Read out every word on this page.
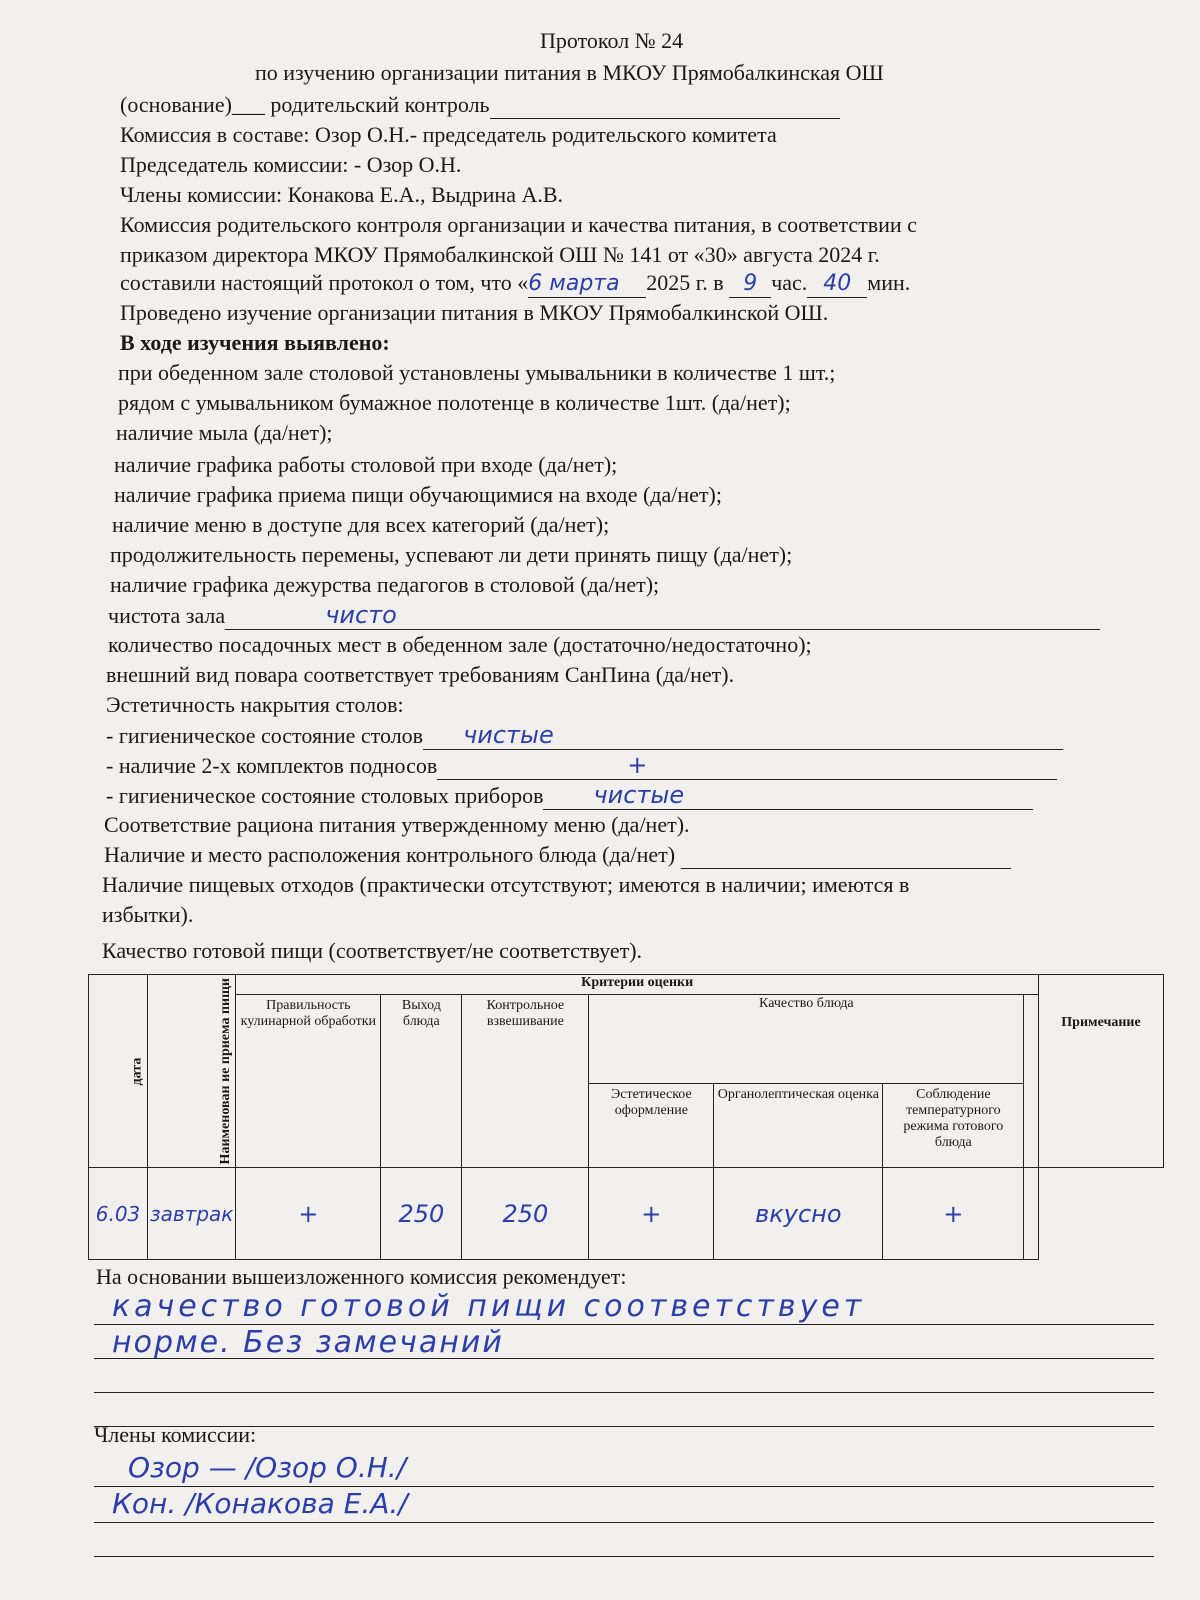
Протокол № 24
по изучению организации питания в МКОУ Прямобалкинская ОШ
(основание)___ родительский контроль
Комиссия в составе: Озор О.Н.- председатель родительского комитета
Председатель комиссии: - Озор О.Н.
Члены комиссии: Конакова Е.А., Выдрина А.В.
Комиссия родительского контроля организации и качества питания, в соответствии с
приказом директора МКОУ Прямобалкинской ОШ № 141 от «30» августа 2024 г.
составили настоящий протокол о том, что «6 марта 2025 г. в 9 час. 40 мин.
Проведено изучение организации питания в МКОУ Прямобалкинской ОШ.
В ходе изучения выявлено:
при обеденном зале столовой установлены умывальники в количестве 1 шт.;
рядом с умывальником бумажное полотенце в количестве 1шт. (да/нет);
наличие мыла (да/нет);
наличие графика работы столовой при входе (да/нет);
наличие графика приема пищи обучающимися на входе (да/нет);
наличие меню в доступе для всех категорий (да/нет);
продолжительность перемены, успевают ли дети принять пищу (да/нет);
наличие графика дежурства педагогов в столовой (да/нет);
чистота зала	чисто
количество посадочных мест в обеденном зале (достаточно/недостаточно);
внешний вид повара соответствует требованиям СанПина (да/нет).
Эстетичность накрытия столов:
- гигиеническое состояние столов чистые
- наличие 2-х комплектов подносов	+
- гигиеническое состояние столовых приборов чистые
Соответствие рациона питания утвержденному меню (да/нет).
Наличие и место расположения контрольного блюда (да/нет)
Наличие пищевых отходов (практически отсутствуют; имеются в наличии; имеются в
избытки).
Качество готовой пищи (соответствует/не соответствует).
дата	Наименован ие приема пищи	Критерии оценки							Примечание
		Правильность кулинарной обработки	Выход блюда	Контрольное взвешивание	Качество блюда				
					Эстетическое оформление	Органолептическая оценка	Соблюдение температурного режима готового блюда		
6.03	завтрак	+	250	250	+	вкусно	+		
На основании вышеизложенного комиссия рекомендует:
качество готовой пищи соответствует
норме. Без замечаний
Члены комиссии:
Озор — /Озор О.Н./
Кон. /Конакова Е.А./
